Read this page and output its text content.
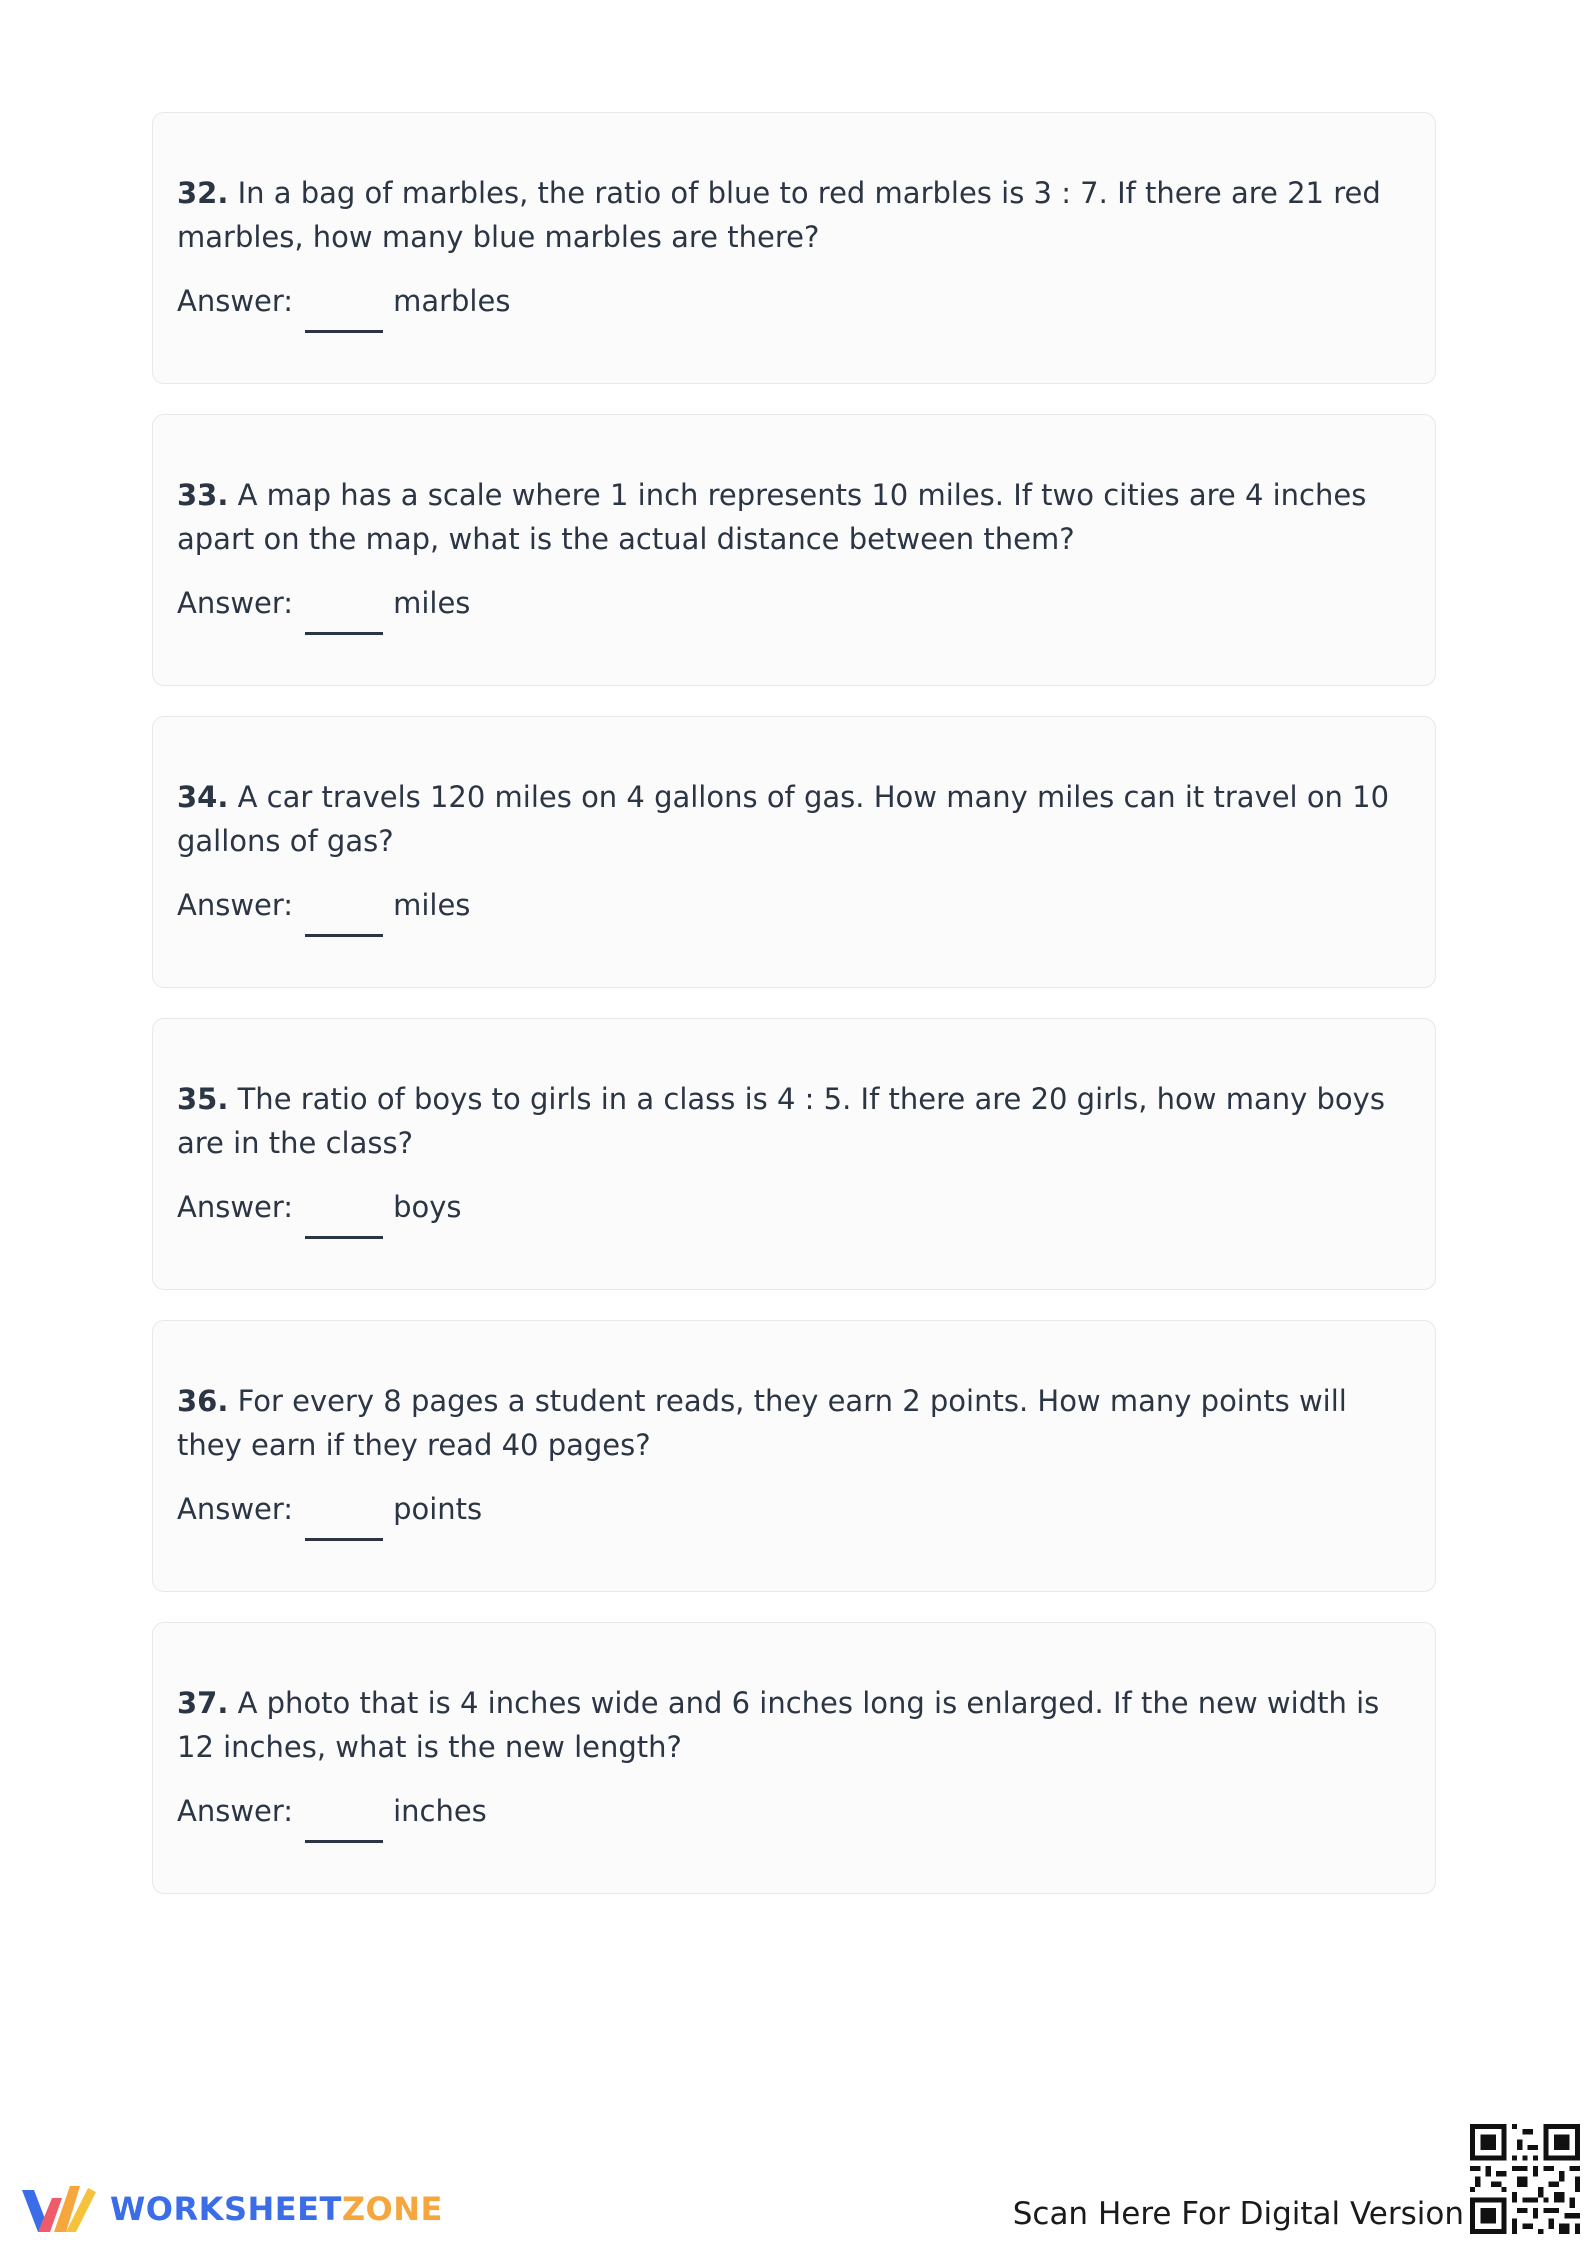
32. In a bag of marbles, the ratio of blue to red marbles is 3 : 7. If there are 21 red marbles, how many blue marbles are there?

Answer:	marbles

33. A map has a scale where 1 inch represents 10 miles. If two cities are 4 inches apart on the map, what is the actual distance between them?

Answer:	miles

34. A car travels 120 miles on 4 gallons of gas. How many miles can it travel on 10 gallons of gas?

Answer:	miles

35. The ratio of boys to girls in a class is 4 : 5. If there are 20 girls, how many boys are in the class?

Answer:	boys

36. For every 8 pages a student reads, they earn 2 points. How many points will they earn if they read 40 pages?

Answer:	points

37. A photo that is 4 inches wide and 6 inches long is enlarged. If the new width is 12 inches, what is the new length?

Answer:	inches
WORKSHEETZONE	Scan Here For Digital Version
